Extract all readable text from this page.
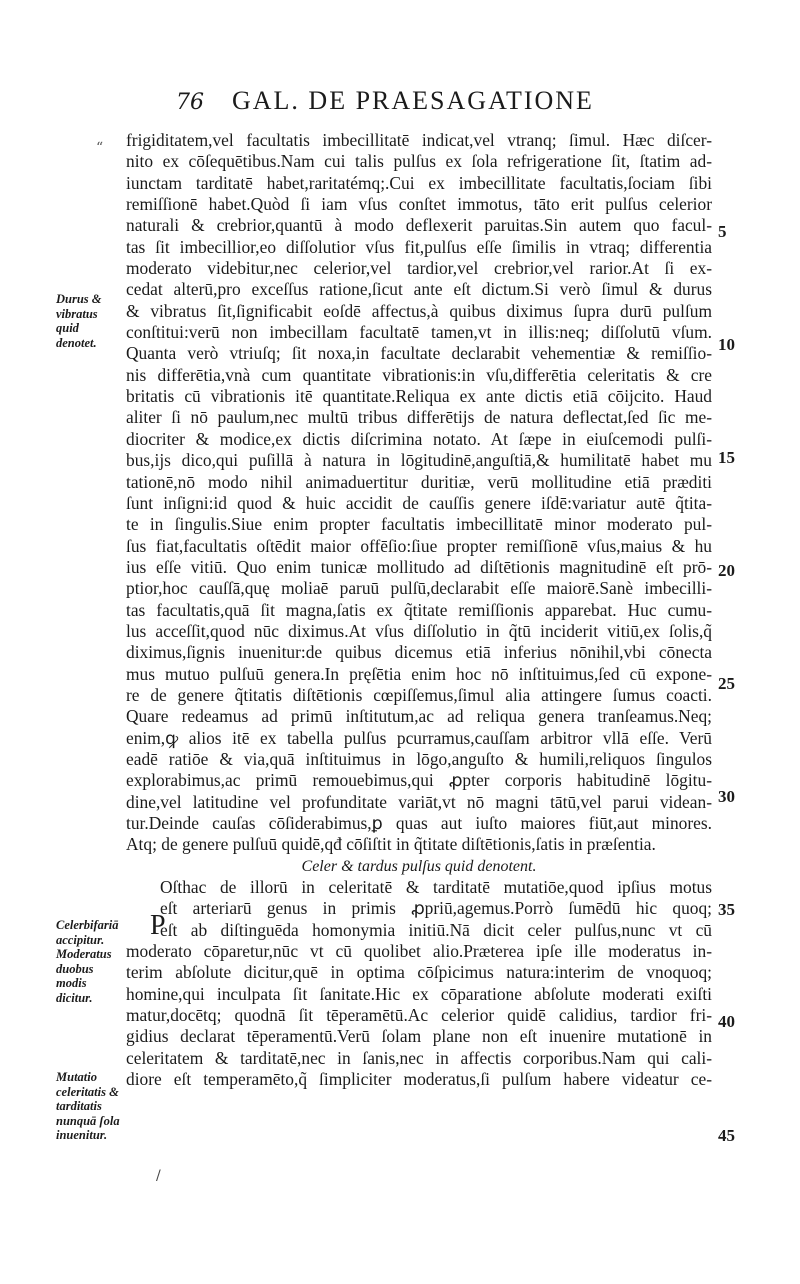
76 GAL. DE PRAESAGATIONE
“ frigiditatem,vel facultatis imbecillitatē indicat,vel vtranq; ſimul. Hæc diſcer-
nito ex cōſequētibus.Nam cui talis pulſus ex ſola refrigeratione ſit, ſtatim ad-
iunctam tarditatē habet,raritatémq;.Cui ex imbecillitate facultatis,ſociam ſibi
remiſſionē habet.Quòd ſi iam vſus conſtet immotus, tāto erit pulſus celerior
naturali & crebrior,quantū à modo deflexerit paruitas.Sin autem quo facul-
tas ſit imbecillior,eo diſſolutior vſus fit,pulſus eſſe ſimilis in vtraq; differentia
moderato videbitur,nec celerior,vel tardior,vel crebrior,vel rarior.At ſi ex-
cedat alterū,pro exceſſus ratione,ſicut ante eſt dictum.Si verò ſimul & durus
& vibratus ſit,ſignificabit eoſdē affectus,à quibus diximus ſupra durū pulſum
conſtitui:verū non imbecillam facultatē tamen,vt in illis:neq; diſſolutū vſum.
Quanta verò vtriuſq; ſit noxa,in facultate declarabit vehementiæ & remiſſio-
nis differētia,vnà cum quantitate vibrationis:in vſu,differētia celeritatis & cre
britatis cū vibrationis itē quantitate.Reliqua ex ante dictis etiā cōijcito. Haud
aliter ſi nō paulum,nec multū tribus differētijs de natura deflectat,ſed ſic me-
diocriter & modice,ex dictis diſcrimina notato. At ſæpe in eiuſcemodi pulſi-
bus,ijs dico,qui puſillā à natura in lōgitudinē,anguſtiā,& humilitatē habet mu
tationē,nō modo nihil animaduertitur duritiæ, verū mollitudine etiā præditi
ſunt inſigni:id quod & huic accidit de cauſſis genere iſdē:variatur autē q̃tita-
te in ſingulis.Siue enim propter facultatis imbecillitatē minor moderato pul-
ſus fiat,facultatis oſtēdit maior offēſio:ſiue propter remiſſionē vſus,maius & hu
ius eſſe vitiū. Quo enim tunicæ mollitudo ad diſtētionis magnitudinē eſt prō-
ptior,hoc cauſſā,quę moliaē paruū pulſū,declarabit eſſe maiorē.Sanè imbecilli-
tas facultatis,quā ſit magna,ſatis ex q̃titate remiſſionis apparebat. Huc cumu-
lus acceſſit,quod nūc diximus.At vſus diſſolutio in q̃tū inciderit vitiū,ex ſolis,q̃
diximus,ſignis inuenitur:de quibus dicemus etiā inferius nōnihil,vbi cōnecta
mus mutuo pulſuū genera.In pręſētia enim hoc nō inſtituimus,ſed cū expone-
re de genere q̃titatis diſtētionis cœpiſſemus,ſimul alia attingere ſumus coacti.
Quare redeamus ad primū inſtitutum,ac ad reliqua genera tranſeamus.Neq;
enim,ꝙ alios itē ex tabella pulſus pcurramus,cauſſam arbitror vllā eſſe. Verū
eadē ratiōe & via,quā inſtituimus in lōgo,anguſto & humili,reliquos ſingulos
explorabimus,ac primū remouebimus,qui ꝓpter corporis habitudinē lōgitu-
dine,vel latitudine vel profunditate variāt,vt nō magni tātū,vel parui videan-
tur.Deinde cauſas cōſiderabimus,ꝑ quas aut iuſto maiores fiūt,aut minores.
Atq; de genere pulſuū quidē,qđ cōſiſtit in q̃titate diſtētionis,ſatis in præſentia.
Celer & tardus pulſus quid denotent.
Oſthac de illorū in celeritatē & tarditatē mutatiōe,quod ipſius motus
eſt arteriarū genus in primis ꝓpriū,agemus.Porrò ſumēdū hic quoq;
eſt ab diſtinguēda homonymia initiū.Nā dicit celer pulſus,nunc vt cū
moderato cōparetur,nūc vt cū quolibet alio.Præterea ipſe ille moderatus in-
terim abſolute dicitur,quē in optima cōſpicimus natura:interim de vnoquoq;
homine,qui inculpata ſit ſanitate.Hic ex cōparatione abſolute moderati exiſti
matur,docētq; quodnā ſit tēperamētū.Ac celerior quidē calidius, tardior fri-
gidius declarat tēperamentū.Verū ſolam plane non eſt inuenire mutationē in
celeritatem & tarditatē,nec in ſanis,nec in affectis corporibus.Nam qui cali-
diore eſt temperamēto,q̃ ſimpliciter moderatus,ſi pulſum habere videatur ce-
P
5
10
15
20
25
30
35
40
45
Durus & vibratus quid denotet.
Celerbifariā accipitur. Moderatus duobus modis dicitur.
Mutatio celeritatis & tarditatis nunquā ſola inuenitur.
/
